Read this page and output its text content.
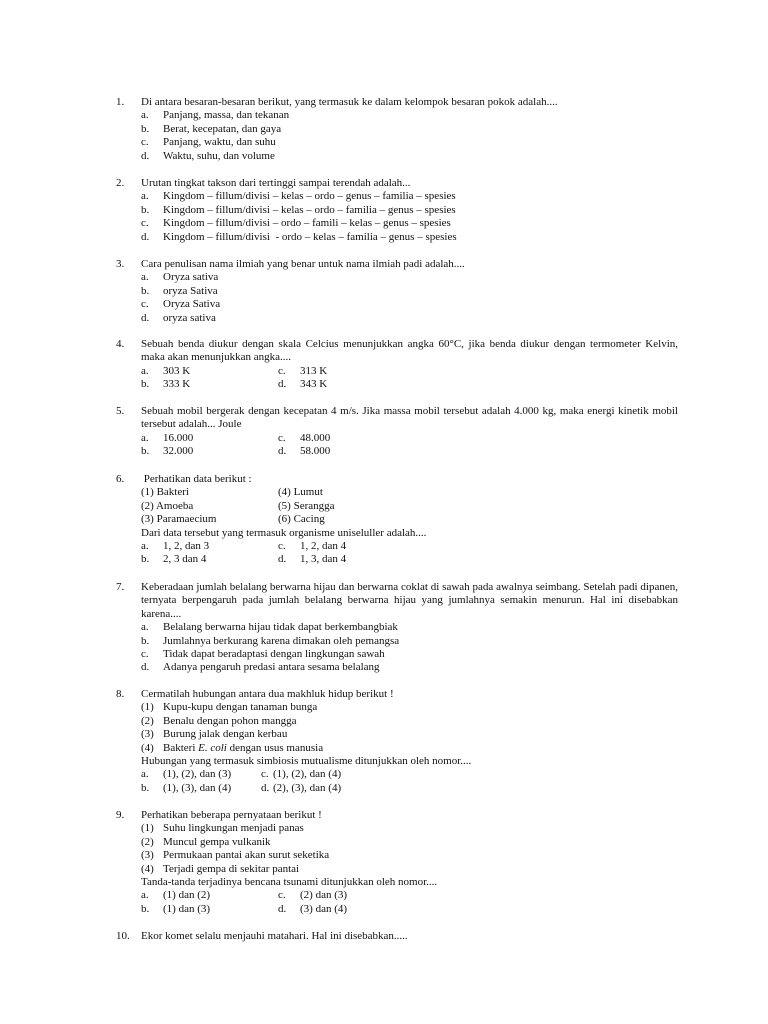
1.	Di antara besaran-besaran berikut, yang termasuk ke dalam kelompok besaran pokok adalah....
a.	Panjang, massa, dan tekanan
b.	Berat, kecepatan, dan gaya
c.	Panjang, waktu, dan suhu
d.	Waktu, suhu, dan volume
2.	Urutan tingkat takson dari tertinggi sampai terendah adalah...
a.	Kingdom – fillum/divisi – kelas – ordo – genus – familia – spesies
b.	Kingdom – fillum/divisi – kelas – ordo – familia – genus – spesies
c.	Kingdom – fillum/divisi – ordo – famili – kelas – genus – spesies
d.	Kingdom – fillum/divisi  - ordo – kelas – familia – genus – spesies
3.	Cara penulisan nama ilmiah yang benar untuk nama ilmiah padi adalah....
a.	Oryza sativa
b.	oryza Sativa
c.	Oryza Sativa
d.	oryza sativa
4.	Sebuah benda diukur dengan skala Celcius menunjukkan angka 60°C, jika benda diukur dengan termometer Kelvin, maka akan menunjukkan angka....
a.	303 K	c.	313 K
b.	333 K	d.	343 K
5.	Sebuah mobil bergerak dengan kecepatan 4 m/s. Jika massa mobil tersebut adalah 4.000 kg, maka energi kinetik mobil tersebut adalah... Joule
a.	16.000	c.	48.000
b.	32.000	d.	58.000
6.	Perhatikan data berikut :
(1) Bakteri	(4) Lumut
(2) Amoeba	(5) Serangga
(3) Paramaecium	(6) Cacing
Dari data tersebut yang termasuk organisme uniseluller adalah....
a.	1, 2, dan 3	c.	1, 2, dan 4
b.	2, 3 dan 4	d.	1, 3, dan 4
7.	Keberadaan jumlah belalang berwarna hijau dan berwarna coklat di sawah pada awalnya seimbang. Setelah padi dipanen, ternyata berpengaruh pada jumlah belalang berwarna hijau yang jumlahnya semakin menurun. Hal ini disebabkan karena....
a.	Belalang berwarna hijau tidak dapat berkembangbiak
b.	Jumlahnya berkurang karena dimakan oleh pemangsa
c.	Tidak dapat beradaptasi dengan lingkungan sawah
d.	Adanya pengaruh predasi antara sesama belalang
8.	Cermatilah hubungan antara dua makhluk hidup berikut !
(1) Kupu-kupu dengan tanaman bunga
(2) Benalu dengan pohon mangga
(3) Burung jalak dengan kerbau
(4) Bakteri E. coli dengan usus manusia
Hubungan yang termasuk simbiosis mutualisme ditunjukkan oleh nomor....
a.	(1), (2), dan (3)	c. (1), (2), dan (4)
b.	(1), (3), dan (4)	d. (2), (3), dan (4)
9.	Perhatikan beberapa pernyataan berikut !
(1) Suhu lingkungan menjadi panas
(2) Muncul gempa vulkanik
(3) Permukaan pantai akan surut seketika
(4) Terjadi gempa di sekitar pantai
Tanda-tanda terjadinya bencana tsunami ditunjukkan oleh nomor....
a.	(1) dan (2)	c.	(2) dan (3)
b.	(1) dan (3)	d.	(3) dan (4)
10.	Ekor komet selalu menjauhi matahari. Hal ini disebabkan.....
